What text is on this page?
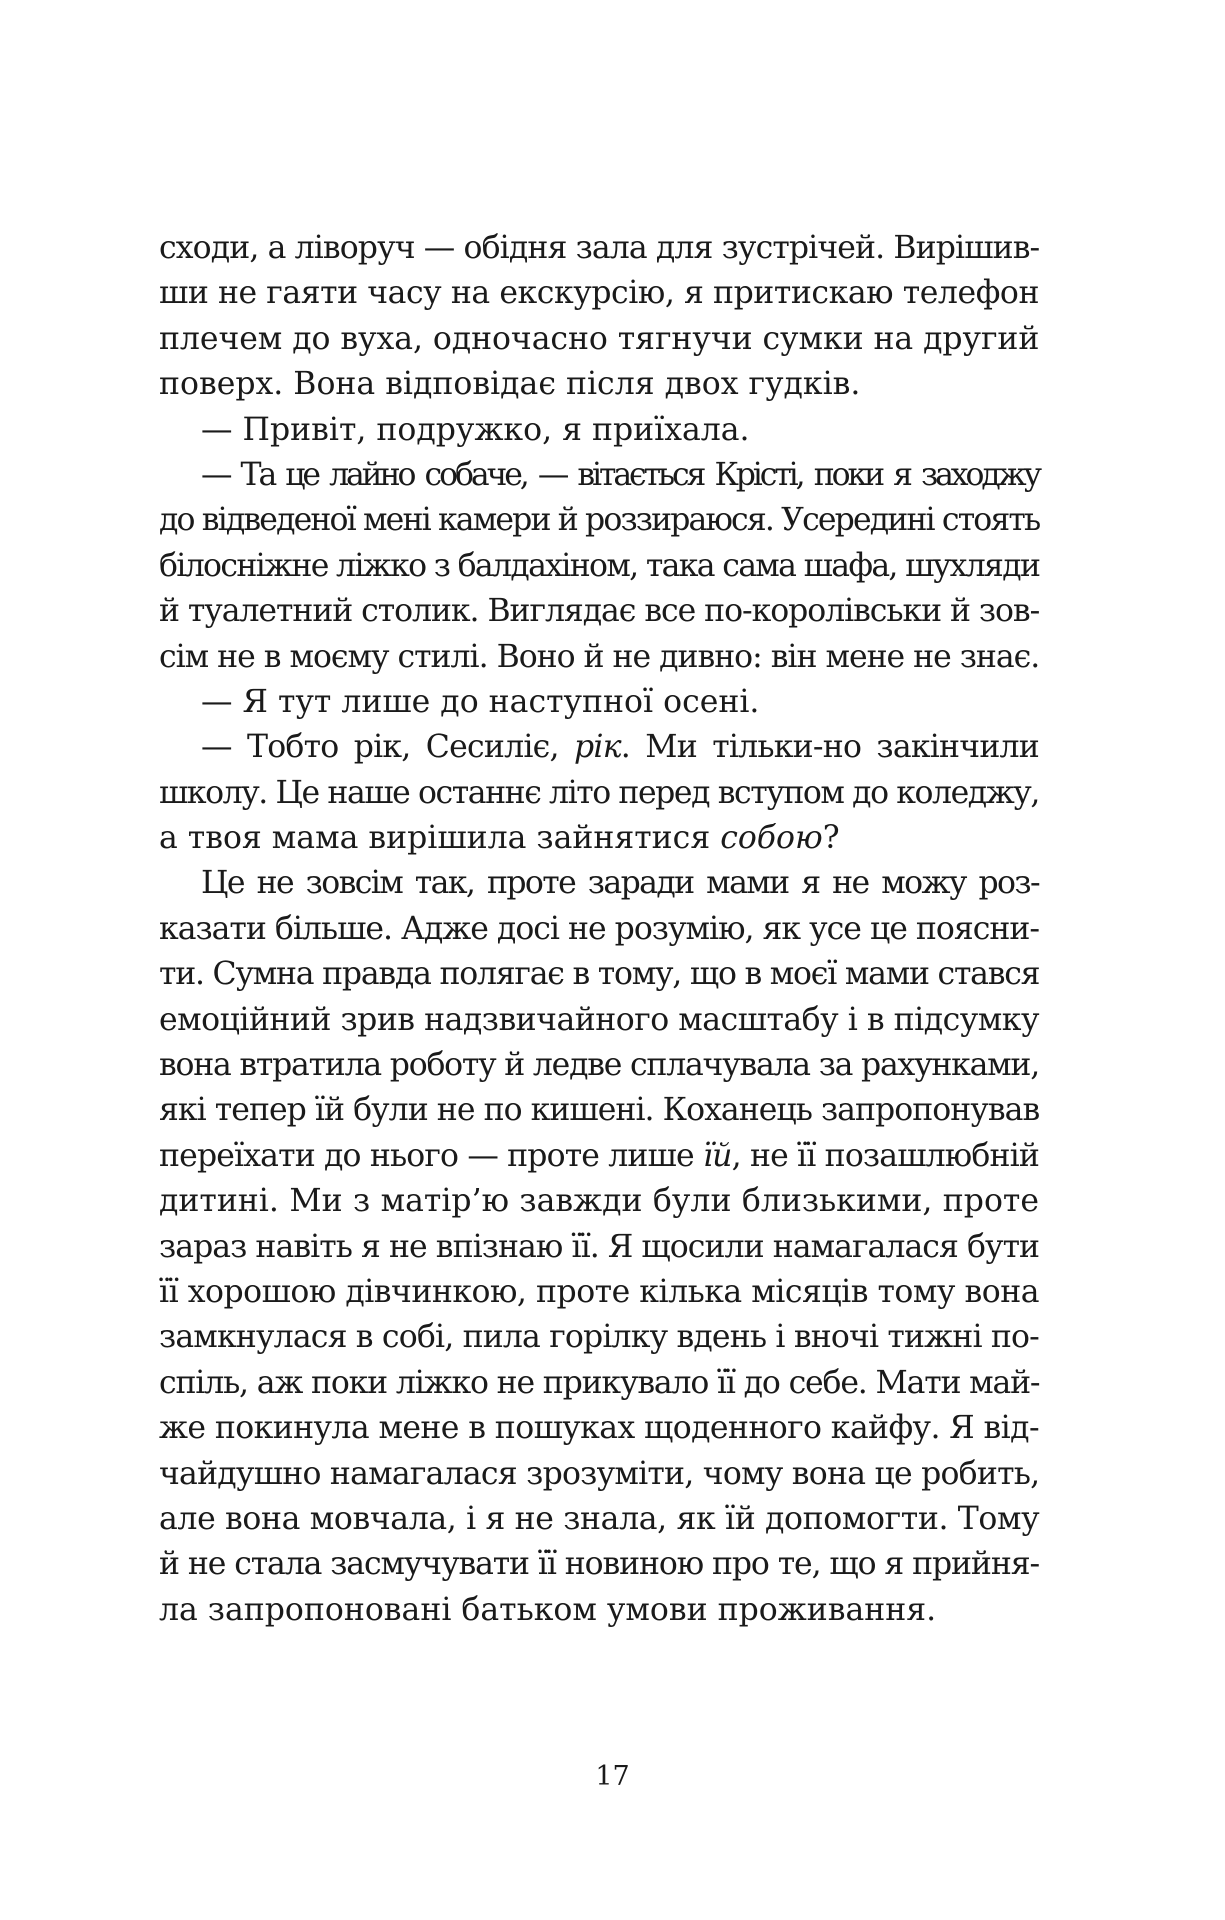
сходи, а ліворуч — обідня зала для зустрічей. Вирішив-
ши не гаяти часу на екскурсію, я притискаю телефон
плечем до вуха, одночасно тягнучи сумки на другий
поверх. Вона відповідає після двох гудків.
— Привіт, подружко, я приїхала.
— Та це лайно собаче, — вітається Крісті, поки я заходжу
до відведеної мені камери й роззираюся. Усередині стоять
білосніжне ліжко з балдахіном, така сама шафа, шухляди
й туалетний столик. Виглядає все по-королівськи й зов-
сім не в моєму стилі. Воно й не дивно: він мене не знає.
— Я тут лише до наступної осені.
— Тобто рік, Сесиліє, рік. Ми тільки-но закінчили
школу. Це наше останнє літо перед вступом до коледжу,
а твоя мама вирішила зайнятися собою?
Це не зовсім так, проте заради мами я не можу роз-
казати більше. Адже досі не розумію, як усе це поясни-
ти. Сумна правда полягає в тому, що в моєї мами стався
емоційний зрив надзвичайного масштабу і в підсумку
вона втратила роботу й ледве сплачувала за рахунками,
які тепер їй були не по кишені. Коханець запропонував
переїхати до нього — проте лише їй, не її позашлюбній
дитині. Ми з матір’ю завжди були близькими, проте
зараз навіть я не впізнаю її. Я щосили намагалася бути
її хорошою дівчинкою, проте кілька місяців тому вона
замкнулася в собі, пила горілку вдень і вночі тижні по-
спіль, аж поки ліжко не прикувало її до себе. Мати май-
же покинула мене в пошуках щоденного кайфу. Я від-
чайдушно намагалася зрозуміти, чому вона це робить,
але вона мовчала, і я не знала, як їй допомогти. Тому
й не стала засмучувати її новиною про те, що я прийня-
ла запропоновані батьком умови проживання.
17
